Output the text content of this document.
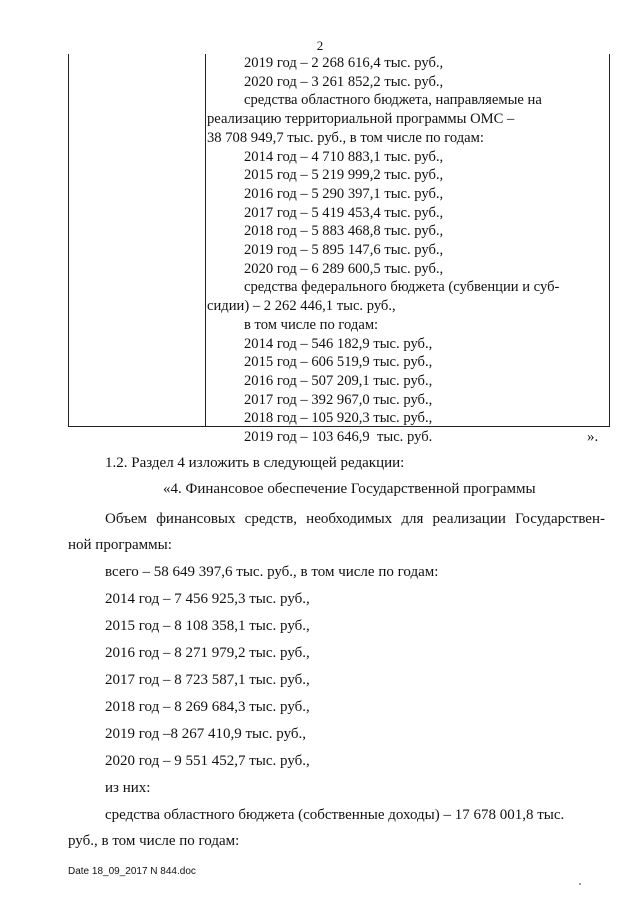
2
2019 год – 2 268 616,4 тыс. руб.,
2020 год – 3 261 852,2 тыс. руб.,
средства областного бюджета, направляемые на
реализацию территориальной программы ОМС –
38 708 949,7 тыс. руб., в том числе по годам:
2014 год – 4 710 883,1 тыс. руб.,
2015 год – 5 219 999,2 тыс. руб.,
2016 год – 5 290 397,1 тыс. руб.,
2017 год – 5 419 453,4 тыс. руб.,
2018 год – 5 883 468,8 тыс. руб.,
2019 год – 5 895 147,6 тыс. руб.,
2020 год – 6 289 600,5 тыс. руб.,
средства федерального бюджета (субвенции и суб-
сидии) – 2 262 446,1 тыс. руб.,
в том числе по годам:
2014 год – 546 182,9 тыс. руб.,
2015 год – 606 519,9 тыс. руб.,
2016 год – 507 209,1 тыс. руб.,
2017 год – 392 967,0 тыс. руб.,
2018 год – 105 920,3 тыс. руб.,
2019 год – 103 646,9  тыс. руб.	».
1.2. Раздел 4 изложить в следующей редакции:
«4. Финансовое обеспечение Государственной программы
Объем финансовых средств, необходимых для реализации Государствен-
ной программы:
всего – 58 649 397,6 тыс. руб., в том числе по годам:
2014 год – 7 456 925,3 тыс. руб.,
2015 год – 8 108 358,1 тыс. руб.,
2016 год – 8 271 979,2 тыс. руб.,
2017 год – 8 723 587,1 тыс. руб.,
2018 год – 8 269 684,3 тыс. руб.,
2019 год –8 267 410,9 тыс. руб.,
2020 год – 9 551 452,7 тыс. руб.,
из них:
средства областного бюджета (собственные доходы) – 17 678 001,8 тыс.
руб., в том числе по годам:
Date 18_09_2017 N 844.doc
